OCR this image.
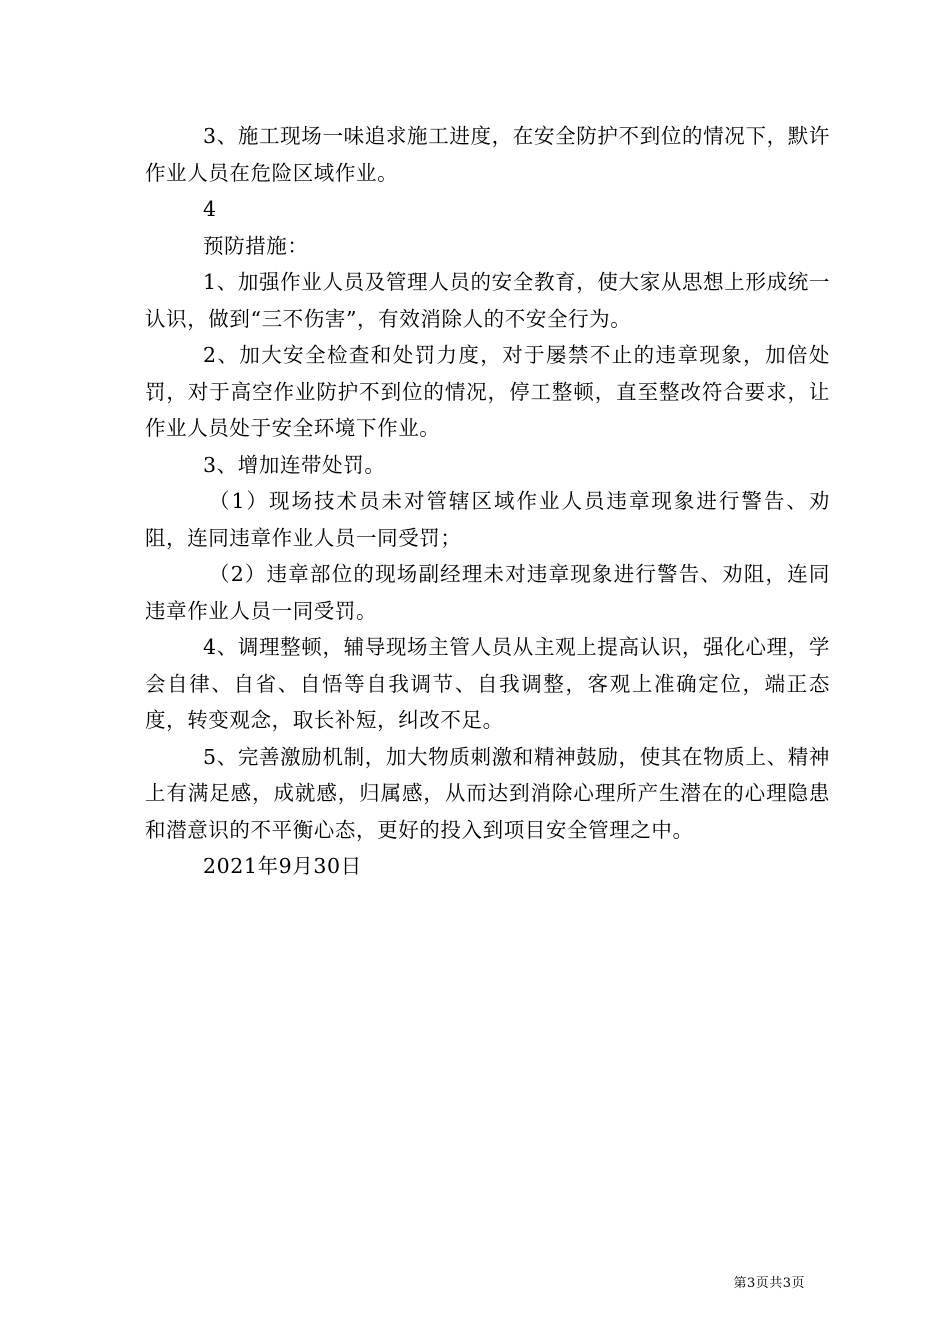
3、施工现场一味追求施工进度，在安全防护不到位的情况下，默许作业人员在危险区域作业。

4

预防措施：

1、加强作业人员及管理人员的安全教育，使大家从思想上形成统一认识，做到“三不伤害”，有效消除人的不安全行为。

2、加大安全检查和处罚力度，对于屡禁不止的违章现象，加倍处罚，对于高空作业防护不到位的情况，停工整顿，直至整改符合要求，让作业人员处于安全环境下作业。

3、增加连带处罚。

（1）现场技术员未对管辖区域作业人员违章现象进行警告、劝阻，连同违章作业人员一同受罚；

（2）违章部位的现场副经理未对违章现象进行警告、劝阻，连同违章作业人员一同受罚。

4、调理整顿，辅导现场主管人员从主观上提高认识，强化心理，学会自律、自省、自悟等自我调节、自我调整，客观上准确定位，端正态度，转变观念，取长补短，纠改不足。

5、完善激励机制，加大物质刺激和精神鼓励，使其在物质上、精神上有满足感，成就感，归属感，从而达到消除心理所产生潜在的心理隐患和潜意识的不平衡心态，更好的投入到项目安全管理之中。

2021年9月30日

第3页共3页
